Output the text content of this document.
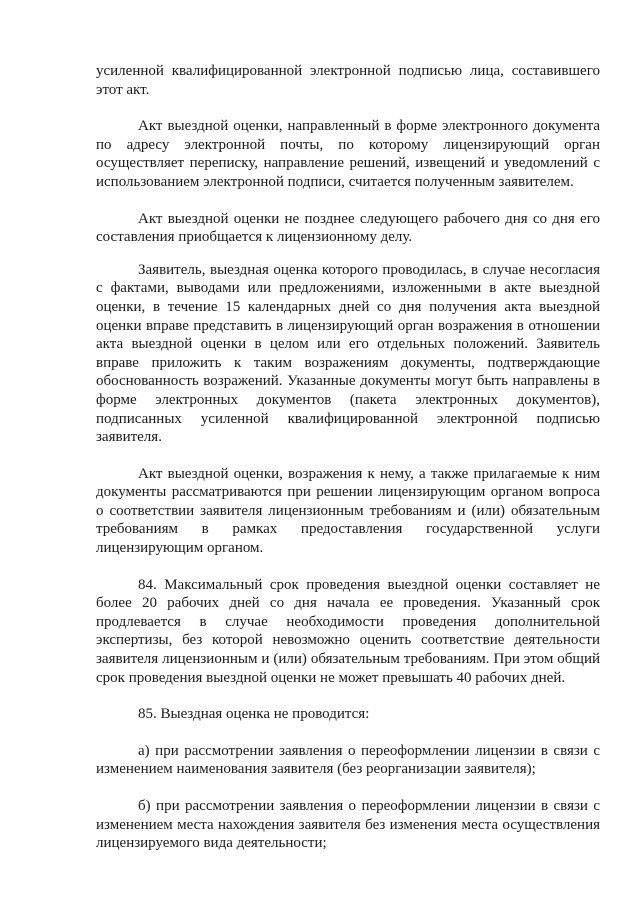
усиленной квалифицированной электронной подписью лица, составившего этот акт.

Акт выездной оценки, направленный в форме электронного документа по адресу электронной почты, по которому лицензирующий орган осуществляет переписку, направление решений, извещений и уведомлений с использованием электронной подписи, считается полученным заявителем.

Акт выездной оценки не позднее следующего рабочего дня со дня его составления приобщается к лицензионному делу.

Заявитель, выездная оценка которого проводилась, в случае несогласия с фактами, выводами или предложениями, изложенными в акте выездной оценки, в течение 15 календарных дней со дня получения акта выездной оценки вправе представить в лицензирующий орган возражения в отношении акта выездной оценки в целом или его отдельных положений. Заявитель вправе приложить к таким возражениям документы, подтверждающие обоснованность возражений. Указанные документы могут быть направлены в форме электронных документов (пакета электронных документов), подписанных усиленной квалифицированной электронной подписью заявителя.

Акт выездной оценки, возражения к нему, а также прилагаемые к ним документы рассматриваются при решении лицензирующим органом вопроса о соответствии заявителя лицензионным требованиям и (или) обязательным требованиям в рамках предоставления государственной услуги лицензирующим органом.

84. Максимальный срок проведения выездной оценки составляет не более 20 рабочих дней со дня начала ее проведения. Указанный срок продлевается в случае необходимости проведения дополнительной экспертизы, без которой невозможно оценить соответствие деятельности заявителя лицензионным и (или) обязательным требованиям. При этом общий срок проведения выездной оценки не может превышать 40 рабочих дней.

85. Выездная оценка не проводится:

а) при рассмотрении заявления о переоформлении лицензии в связи с изменением наименования заявителя (без реорганизации заявителя);

б) при рассмотрении заявления о переоформлении лицензии в связи с изменением места нахождения заявителя без изменения места осуществления лицензируемого вида деятельности;
